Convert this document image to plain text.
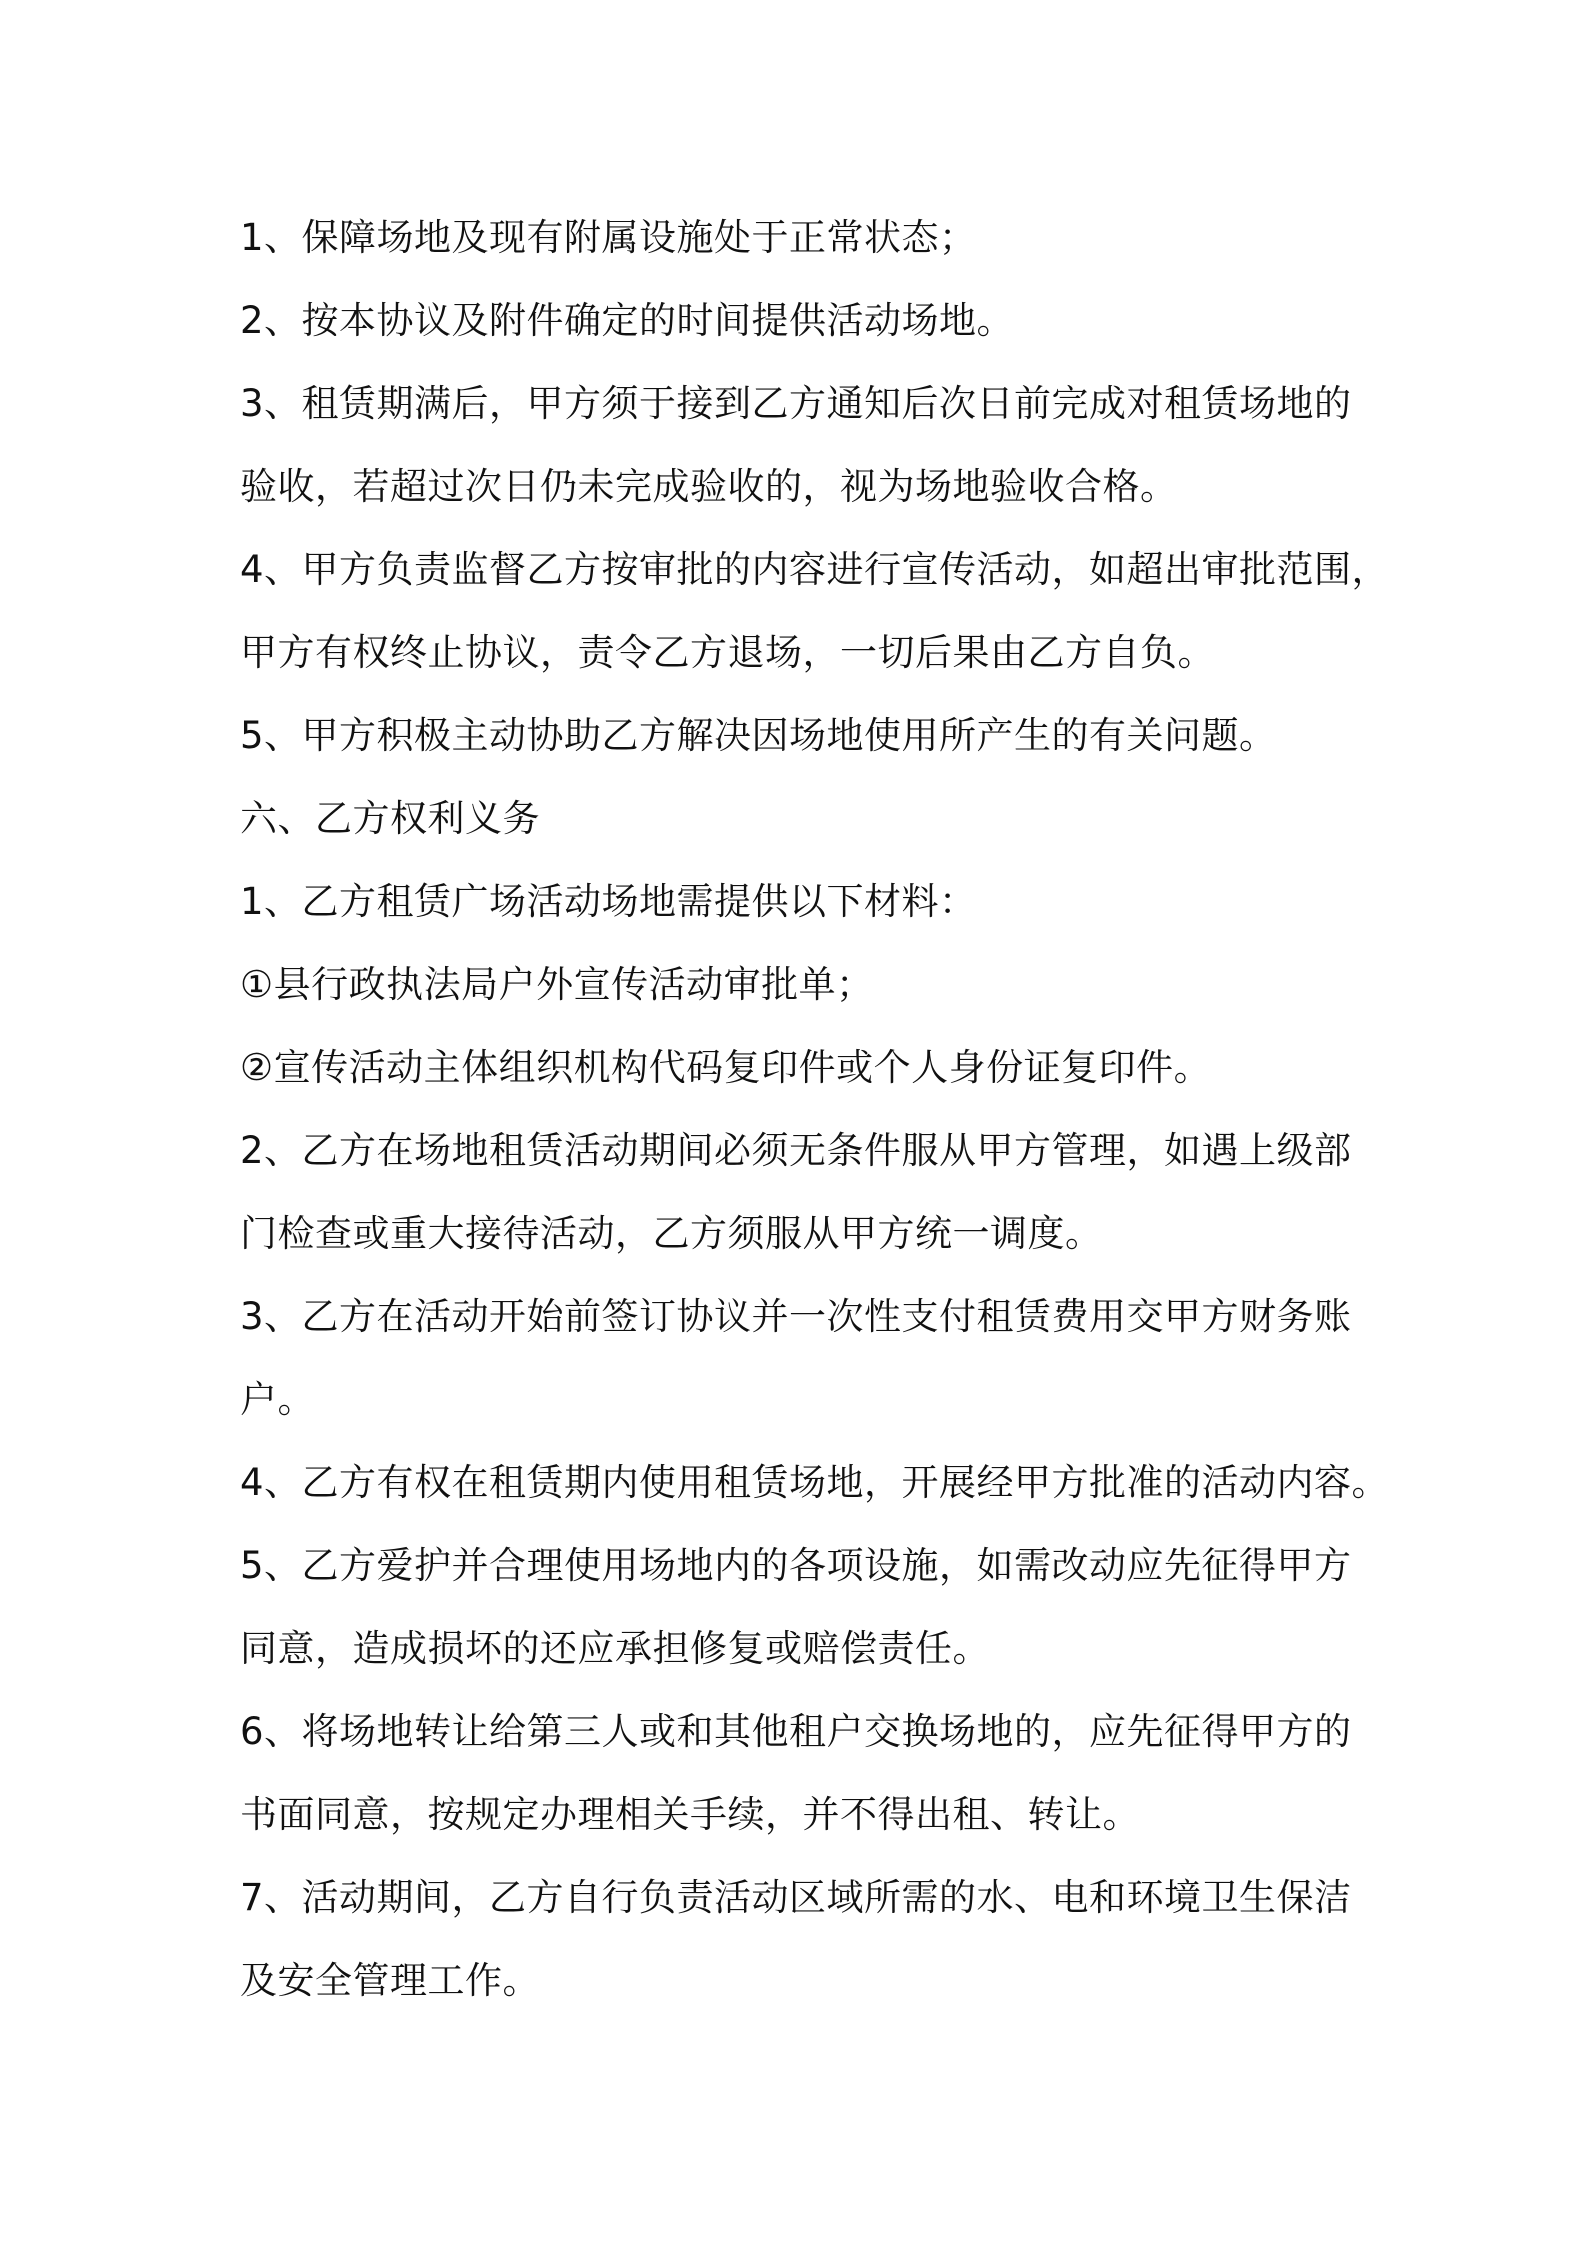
1、保障场地及现有附属设施处于正常状态；

2、按本协议及附件确定的时间提供活动场地。

3、租赁期满后，甲方须于接到乙方通知后次日前完成对租赁场地的

验收，若超过次日仍未完成验收的，视为场地验收合格。

4、甲方负责监督乙方按审批的内容进行宣传活动，如超出审批范围，

甲方有权终止协议，责令乙方退场，一切后果由乙方自负。

5、甲方积极主动协助乙方解决因场地使用所产生的有关问题。

六、乙方权利义务

1、乙方租赁广场活动场地需提供以下材料：

①县行政执法局户外宣传活动审批单；

②宣传活动主体组织机构代码复印件或个人身份证复印件。

2、乙方在场地租赁活动期间必须无条件服从甲方管理，如遇上级部

门检查或重大接待活动，乙方须服从甲方统一调度。

3、乙方在活动开始前签订协议并一次性支付租赁费用交甲方财务账

户。

4、乙方有权在租赁期内使用租赁场地，开展经甲方批准的活动内容。

5、乙方爱护并合理使用场地内的各项设施，如需改动应先征得甲方

同意，造成损坏的还应承担修复或赔偿责任。

6、将场地转让给第三人或和其他租户交换场地的，应先征得甲方的

书面同意，按规定办理相关手续，并不得出租、转让。

7、活动期间，乙方自行负责活动区域所需的水、电和环境卫生保洁

及安全管理工作。
